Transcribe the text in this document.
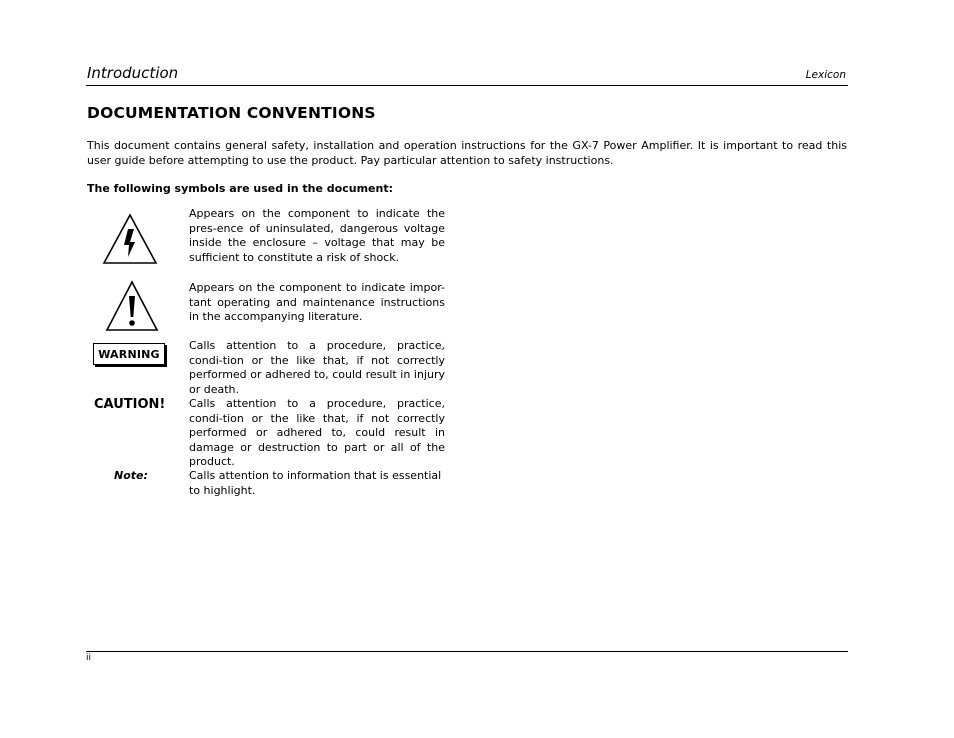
Introduction	Lexicon
DOCUMENTATION CONVENTIONS
This document contains general safety, installation and operation instructions for the GX-7 Power Amplifier. It is important to read this user guide before attempting to use the product. Pay particular attention to safety instructions.
The following symbols are used in the document:
Appears on the component to indicate the pres-ence of uninsulated, dangerous voltage inside the enclosure – voltage that may be sufficient to constitute a risk of shock.
Appears on the component to indicate impor-tant operating and maintenance instructions in the accompanying literature.
WARNING
Calls attention to a procedure, practice, condi-tion or the like that, if not correctly performed or adhered to, could result in injury or death.
CAUTION! Calls attention to a procedure, practice, condi-tion or the like that, if not correctly performed or adhered to, could result in damage or destruction to part or all of the product.
Note:	Calls attention to information that is essential to highlight.
ii
